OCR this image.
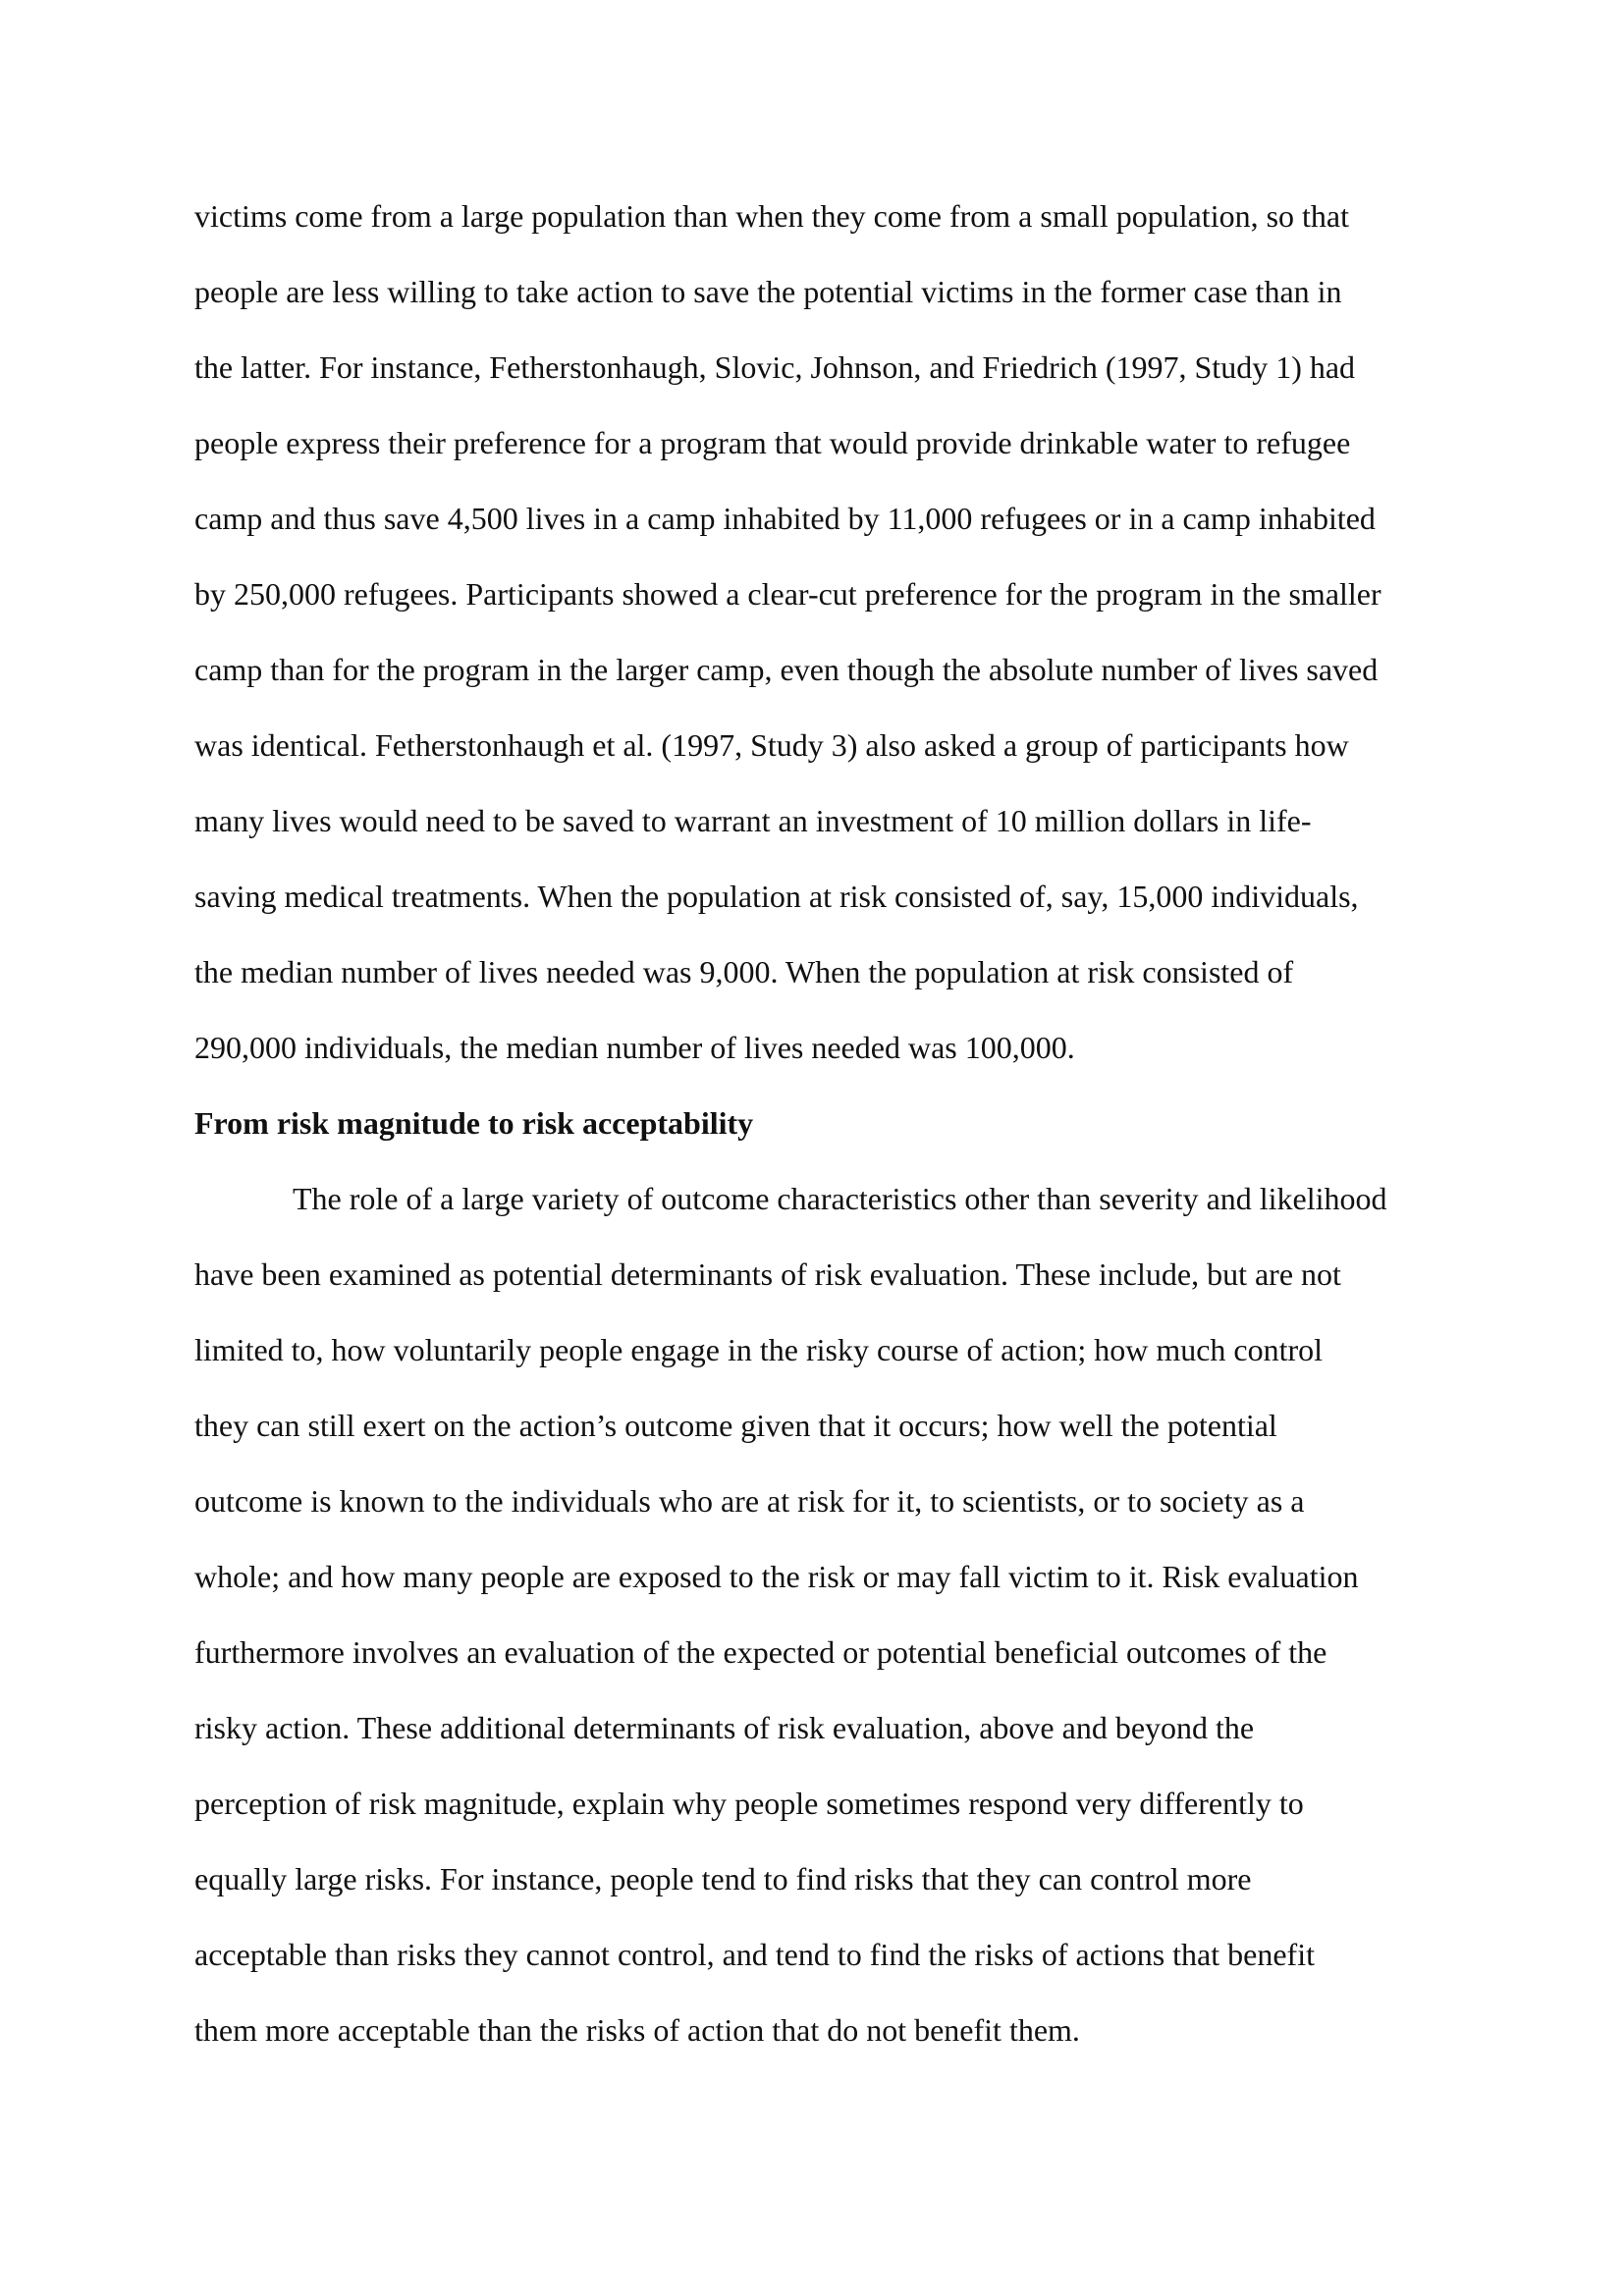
victims come from a large population than when they come from a small population, so that
people are less willing to take action to save the potential victims in the former case than in
the latter. For instance, Fetherstonhaugh, Slovic, Johnson, and Friedrich (1997, Study 1) had
people express their preference for a program that would provide drinkable water to refugee
camp and thus save 4,500 lives in a camp inhabited by 11,000 refugees or in a camp inhabited
by 250,000 refugees. Participants showed a clear-cut preference for the program in the smaller
camp than for the program in the larger camp, even though the absolute number of lives saved
was identical. Fetherstonhaugh et al. (1997, Study 3) also asked a group of participants how
many lives would need to be saved to warrant an investment of 10 million dollars in life-
saving medical treatments. When the population at risk consisted of, say, 15,000 individuals,
the median number of lives needed was 9,000. When the population at risk consisted of
290,000 individuals, the median number of lives needed was 100,000.
From risk magnitude to risk acceptability
The role of a large variety of outcome characteristics other than severity and likelihood
have been examined as potential determinants of risk evaluation. These include, but are not
limited to, how voluntarily people engage in the risky course of action; how much control
they can still exert on the action’s outcome given that it occurs; how well the potential
outcome is known to the individuals who are at risk for it, to scientists, or to society as a
whole; and how many people are exposed to the risk or may fall victim to it. Risk evaluation
furthermore involves an evaluation of the expected or potential beneficial outcomes of the
risky action. These additional determinants of risk evaluation, above and beyond the
perception of risk magnitude, explain why people sometimes respond very differently to
equally large risks. For instance, people tend to find risks that they can control more
acceptable than risks they cannot control, and tend to find the risks of actions that benefit
them more acceptable than the risks of action that do not benefit them.
